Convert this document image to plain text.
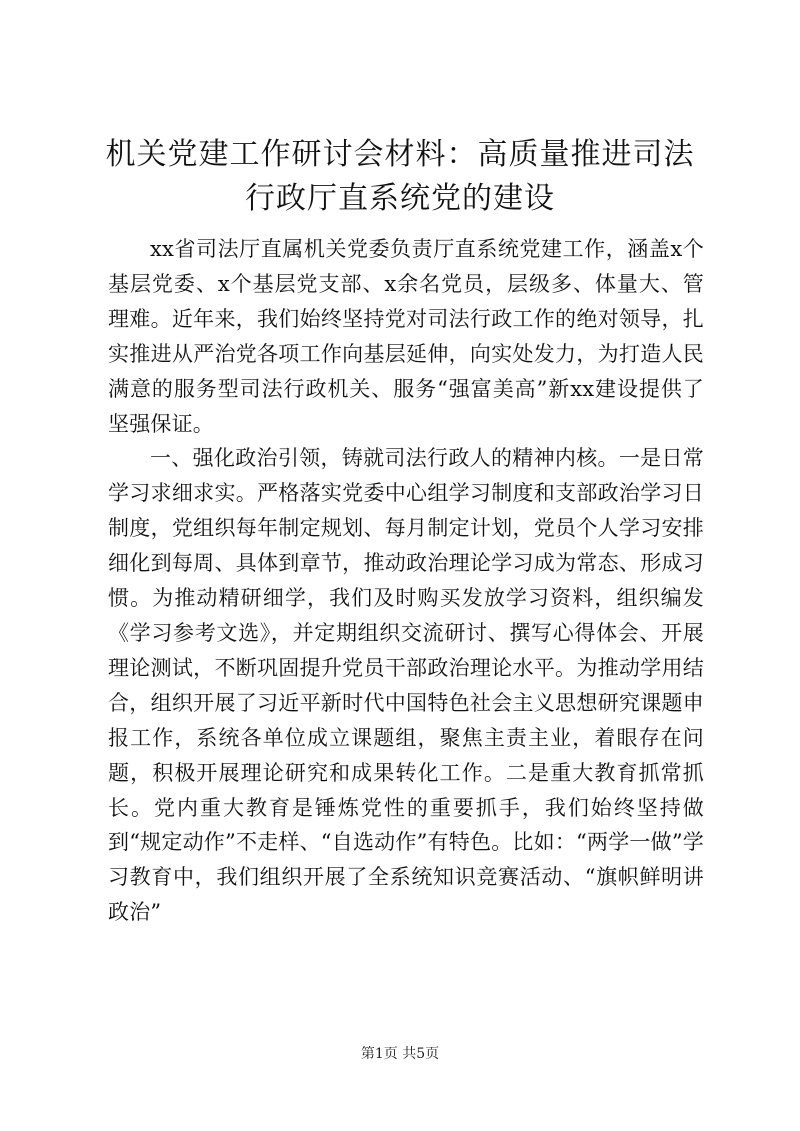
机关党建工作研讨会材料：高质量推进司法行政厅直系统党的建设

xx省司法厅直属机关党委负责厅直系统党建工作，涵盖x个基层党委、x个基层党支部、x余名党员，层级多、体量大、管理难。近年来，我们始终坚持党对司法行政工作的绝对领导，扎实推进从严治党各项工作向基层延伸，向实处发力，为打造人民满意的服务型司法行政机关、服务“强富美高”新xx建设提供了坚强保证。

一、强化政治引领，铸就司法行政人的精神内核。一是日常学习求细求实。严格落实党委中心组学习制度和支部政治学习日制度，党组织每年制定规划、每月制定计划，党员个人学习安排细化到每周、具体到章节，推动政治理论学习成为常态、形成习惯。为推动精研细学，我们及时购买发放学习资料，组织编发《学习参考文选》，并定期组织交流研讨、撰写心得体会、开展理论测试，不断巩固提升党员干部政治理论水平。为推动学用结合，组织开展了习近平新时代中国特色社会主义思想研究课题申报工作，系统各单位成立课题组，聚焦主责主业，着眼存在问题，积极开展理论研究和成果转化工作。二是重大教育抓常抓长。党内重大教育是锤炼党性的重要抓手，我们始终坚持做到“规定动作”不走样、“自选动作”有特色。比如：“两学一做”学习教育中，我们组织开展了全系统知识竞赛活动、“旗帜鲜明讲政治”

第1页 共5页
